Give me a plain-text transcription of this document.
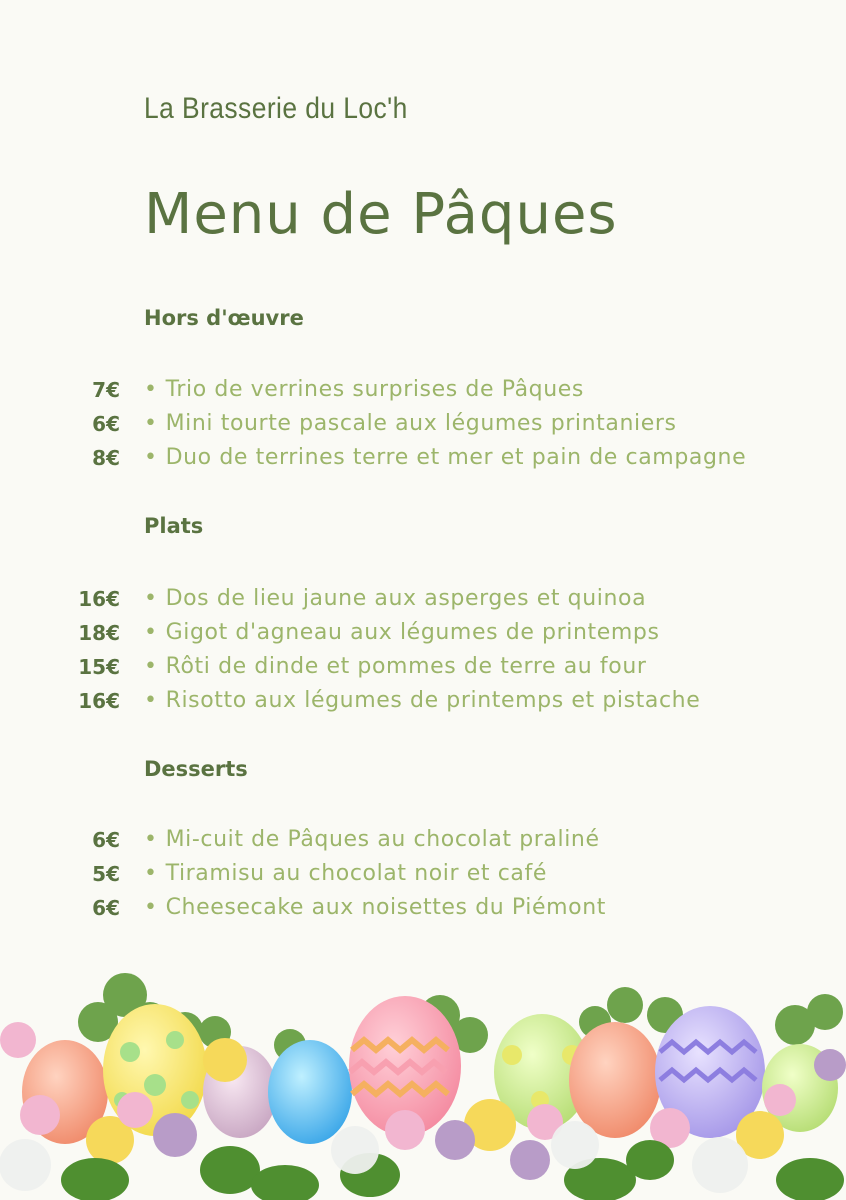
La Brasserie du Loc'h
Menu de Pâques
Hors d'œuvre
7€ • Trio de verrines surprises de Pâques
6€ • Mini tourte pascale aux légumes printaniers
8€ • Duo de terrines terre et mer et pain de campagne
Plats
16€ • Dos de lieu jaune aux asperges et quinoa
18€ • Gigot d'agneau aux légumes de printemps
15€ • Rôti de dinde et pommes de terre au four
16€ • Risotto aux légumes de printemps et pistache
Desserts
6€ • Mi-cuit de Pâques au chocolat praliné
5€ • Tiramisu au chocolat noir et café
6€ • Cheesecake aux noisettes du Piémont
